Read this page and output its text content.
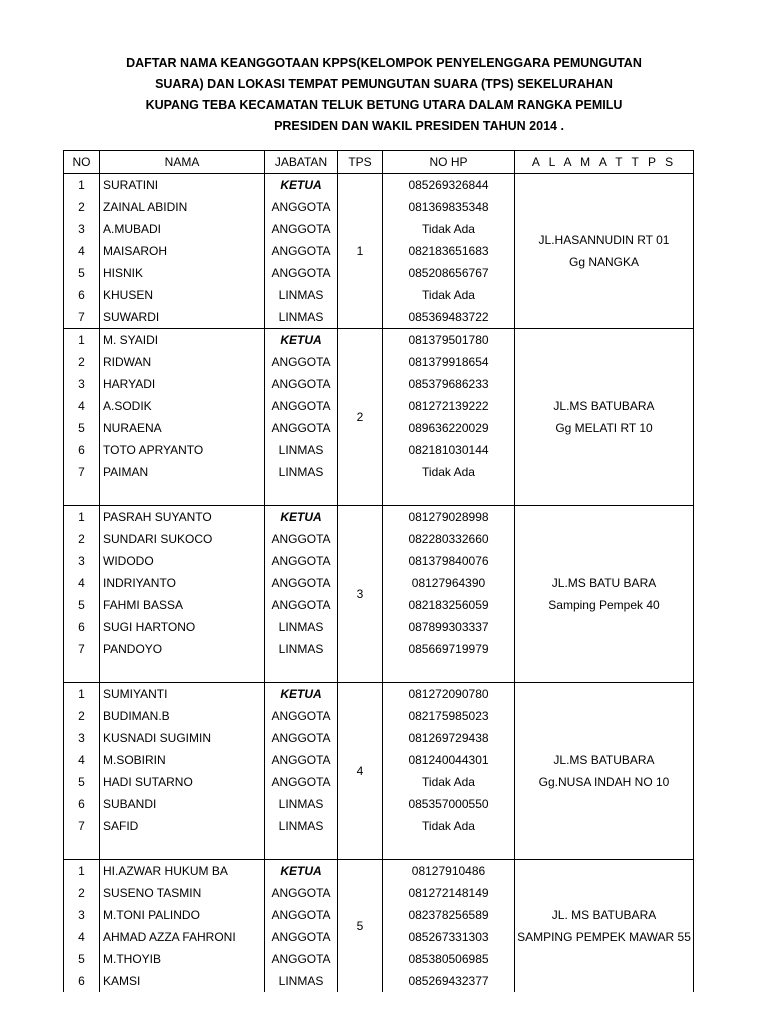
DAFTAR NAMA KEANGGOTAAN KPPS(KELOMPOK PENYELENGGARA PEMUNGUTAN
SUARA) DAN LOKASI TEMPAT PEMUNGUTAN SUARA (TPS) SEKELURAHAN
KUPANG TEBA KECAMATAN TELUK BETUNG UTARA DALAM RANGKA PEMILU
PRESIDEN DAN WAKIL PRESIDEN TAHUN 2014 .
NO	NAMA	JABATAN	TPS	NO HP	A L A M A T T P S
1	SURATINI	KETUA	1	085269326844	JL.HASANNUDIN RT 01
Gg NANGKA

2	ZAINAL ABIDIN	ANGGOTA		081369835348	
3	A.MUBADI	ANGGOTA		Tidak Ada	
4	MAISAROH	ANGGOTA		082183651683	
5	HISNIK	ANGGOTA		085208656767	
6	KHUSEN	LINMAS		Tidak Ada	
7	SUWARDI	LINMAS		085369483722	
1	M. SYAIDI	KETUA	2	081379501780	JL.MS BATUBARA
Gg MELATI RT 10

2	RIDWAN	ANGGOTA		081379918654	
3	HARYADI	ANGGOTA		085379686233	
4	A.SODIK	ANGGOTA		081272139222	
5	NURAENA	ANGGOTA		089636220029	
6	TOTO APRYANTO	LINMAS		082181030144	
7	PAIMAN	LINMAS		Tidak Ada	

1	PASRAH SUYANTO	KETUA	3	081279028998	JL.MS BATU BARA
Samping Pempek 40

2	SUNDARI SUKOCO	ANGGOTA		082280332660	
3	WIDODO	ANGGOTA		081379840076	
4	INDRIYANTO	ANGGOTA		08127964390	
5	FAHMI BASSA	ANGGOTA		082183256059	
6	SUGI HARTONO	LINMAS		087899303337	
7	PANDOYO	LINMAS		085669719979	

1	SUMIYANTI	KETUA	4	081272090780	JL.MS BATUBARA
Gg.NUSA INDAH NO 10

2	BUDIMAN.B	ANGGOTA		082175985023	
3	KUSNADI SUGIMIN	ANGGOTA		081269729438	
4	M.SOBIRIN	ANGGOTA		081240044301	
5	HADI SUTARNO	ANGGOTA		Tidak Ada	
6	SUBANDI	LINMAS		085357000550	
7	SAFID	LINMAS		Tidak Ada	

1	HI.AZWAR HUKUM BA	KETUA	5	08127910486	JL. MS BATUBARA
SAMPING PEMPEK MAWAR 55

2	SUSENO TASMIN	ANGGOTA		081272148149	
3	M.TONI PALINDO	ANGGOTA		082378256589	
4	AHMAD AZZA FAHRONI	ANGGOTA		085267331303	
5	M.THOYIB	ANGGOTA		085380506985	
6	KAMSI	LINMAS		085269432377	
